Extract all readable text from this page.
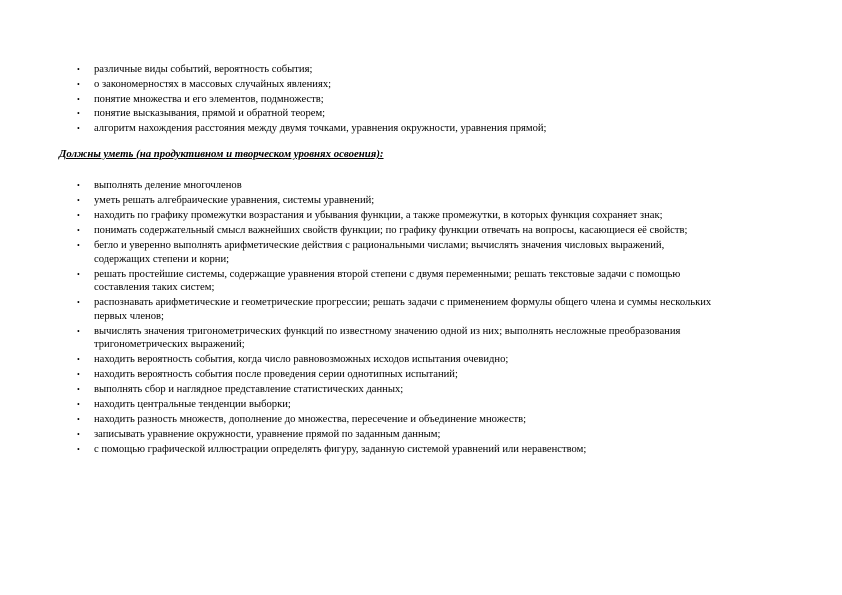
• различные виды событий, вероятность события;
• о закономерностях в массовых случайных явлениях;
• понятие множества и его элементов, подмножеств;
• понятие высказывания, прямой и обратной теорем;
• алгоритм нахождения расстояния между двумя точками, уравнения окружности, уравнения прямой;
Должны уметь (на продуктивном и творческом уровнях освоения):
• выполнять деление многочленов
• уметь решать алгебраические уравнения, системы уравнений;
• находить по графику промежутки возрастания и убывания функции, а также промежутки, в которых функция сохраняет знак;
• понимать содержательный смысл важнейших свойств функции; по графику функции отвечать на вопросы, касающиеся её свойств;
• бегло и уверенно выполнять арифметические действия с рациональными числами; вычислять значения числовых выражений,
содержащих степени и корни;
• решать простейшие системы, содержащие уравнения второй степени с двумя переменными; решать текстовые задачи с помощью
составления таких систем;
• распознавать арифметические и геометрические прогрессии; решать задачи с применением формулы общего члена и суммы нескольких
первых членов;
• вычислять значения тригонометрических функций по известному значению одной из них; выполнять несложные преобразования
тригонометрических выражений;
• находить вероятность события, когда число равновозможных исходов испытания очевидно;
• находить вероятность события после проведения серии однотипных испытаний;
• выполнять сбор и наглядное представление статистических данных;
• находить центральные тенденции выборки;
• находить разность множеств, дополнение до множества, пересечение и объединение множеств;
• записывать уравнение окружности, уравнение прямой по заданным данным;
• с помощью графической иллюстрации определять фигуру, заданную системой уравнений или неравенством;
